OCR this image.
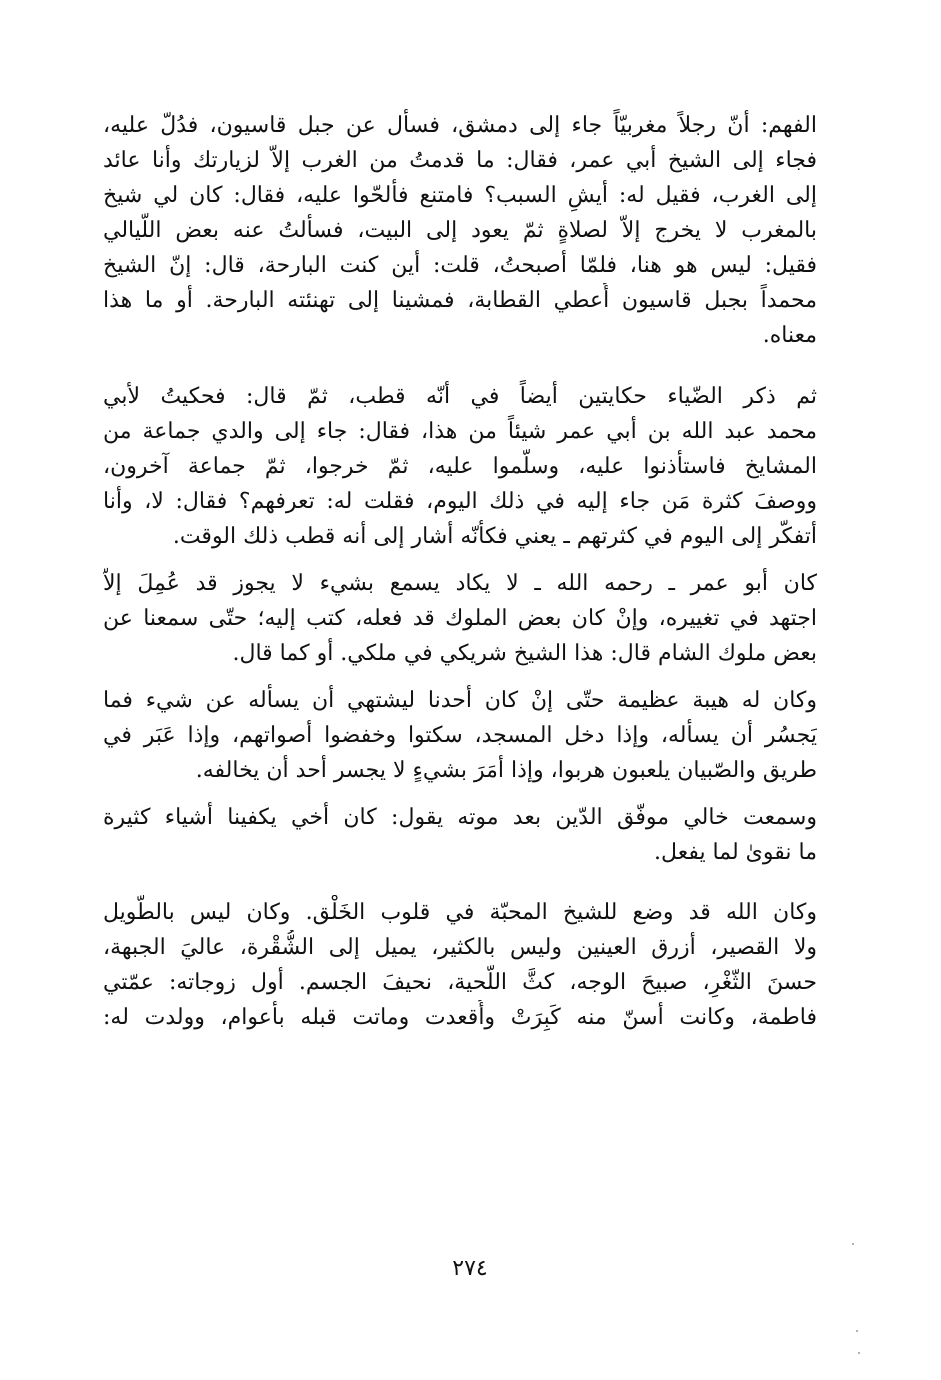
الفهم: أنّ رجلاً مغربيّاً جاء إلى دمشق، فسأل عن جبل قاسيون، فدُلّ عليه،
فجاء إلى الشيخ أبي عمر، فقال: ما قدمتُ من الغرب إلاّ لزيارتك وأنا عائد
إلى الغرب، فقيل له: أيشِ السبب؟ فامتنع فألحّوا عليه، فقال: كان لي شيخ
بالمغرب لا يخرج إلاّ لصلاةٍ ثمّ يعود إلى البيت، فسألتُ عنه بعض اللّيالي
فقيل: ليس هو هنا، فلمّا أصبحتُ، قلت: أين كنت البارحة، قال: إنّ الشيخ
محمداً بجبل قاسيون أُعطي القطابة، فمشينا إلى تهنئته البارحة. أو ما هذا
معناه.
ثم ذكر الضّياء حكايتين أيضاً في أنّه قطب، ثمّ قال: فحكيتُ لأبي
محمد عبد الله بن أبي عمر شيئاً من هذا، فقال: جاء إلى والدي جماعة من
المشايخ فاستأذنوا عليه، وسلّموا عليه، ثمّ خرجوا، ثمّ جماعة آخرون،
ووصفَ كثرة مَن جاء إليه في ذلك اليوم، فقلت له: تعرفهم؟ فقال: لا، وأنا
أتفكّر إلى اليوم في كثرتهم ـ يعني فكأنّه أشار إلى أنه قطب ذلك الوقت.
كان أبو عمر ـ رحمه الله ـ لا يكاد يسمع بشيء لا يجوز قد عُمِلَ إلاّ
اجتهد في تغييره، وإنْ كان بعض الملوك قد فعله، كتب إليه؛ حتّى سمعنا عن
بعض ملوك الشام قال: هذا الشيخ شريكي في ملكي. أو كما قال.
وكان له هيبة عظيمة حتّى إنْ كان أحدنا ليشتهي أن يسأله عن شيء فما
يَجسُر أن يسأله، وإذا دخل المسجد، سكتوا وخفضوا أصواتهم، وإذا عَبَر في
طريق والصّبيان يلعبون هربوا، وإذا أمَرَ بشيءٍ لا يجسر أحد أن يخالفه.
وسمعت خالي موفّق الدّين بعد موته يقول: كان أخي يكفينا أشياء كثيرة
ما نقوىٰ لما يفعل.
وكان الله قد وضع للشيخ المحبّة في قلوب الخَلْق. وكان ليس بالطّويل
ولا القصير، أزرق العينين وليس بالكثير، يميل إلى الشُّقْرة، عاليَ الجبهة،
حسنَ الثّغْرِ، صبيحَ الوجه، كثَّ اللّحية، نحيفَ الجسم. أول زوجاته: عمّتي
فاطمة، وكانت أسنّ منه كَبِرَتْ وأُقعدت وماتت قبله بأعوام، وولدت له:
٢٧٤
